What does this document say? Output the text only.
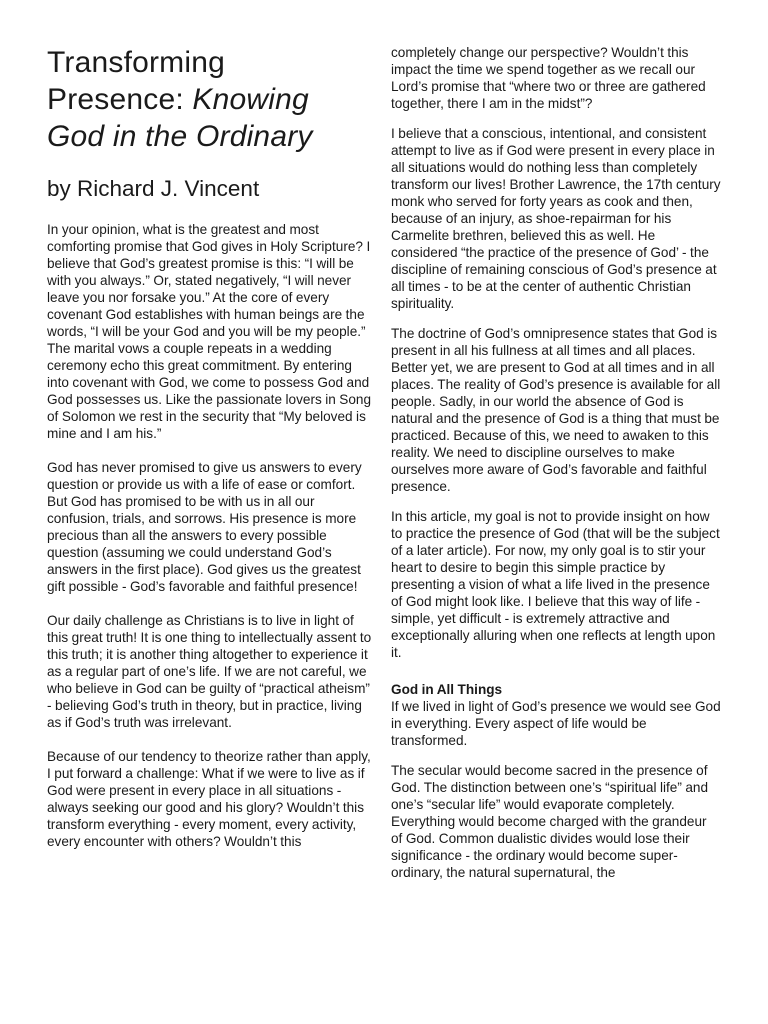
Transforming Presence: Knowing God in the Ordinary
by Richard J. Vincent

In your opinion, what is the greatest and most comforting promise that God gives in Holy Scripture? I believe that God’s greatest promise is this: “I will be with you always.” Or, stated negatively, “I will never leave you nor forsake you.” At the core of every covenant God establishes with human beings are the words, “I will be your God and you will be my people.” The marital vows a couple repeats in a wedding ceremony echo this great commitment. By entering into covenant with God, we come to possess God and God possesses us. Like the passionate lovers in Song of Solomon we rest in the security that “My beloved is mine and I am his.”

God has never promised to give us answers to every question or provide us with a life of ease or comfort. But God has promised to be with us in all our confusion, trials, and sorrows. His presence is more precious than all the answers to every possible question (assuming we could understand God’s answers in the first place). God gives us the greatest gift possible - God’s favorable and faithful presence!

Our daily challenge as Christians is to live in light of this great truth! It is one thing to intellectually assent to this truth; it is another thing altogether to experience it as a regular part of one’s life. If we are not careful, we who believe in God can be guilty of “practical atheism” - believing God’s truth in theory, but in practice, living as if God’s truth was irrelevant.

Because of our tendency to theorize rather than apply, I put forward a challenge: What if we were to live as if God were present in every place in all situations - always seeking our good and his glory? Wouldn’t this transform everything - every moment, every activity, every encounter with others? Wouldn’t this

completely change our perspective? Wouldn’t this impact the time we spend together as we recall our Lord’s promise that “where two or three are gathered together, there I am in the midst”?

I believe that a conscious, intentional, and consistent attempt to live as if God were present in every place in all situations would do nothing less than completely transform our lives! Brother Lawrence, the 17th century monk who served for forty years as cook and then, because of an injury, as shoe-repairman for his Carmelite brethren, believed this as well. He considered “the practice of the presence of God’ - the discipline of remaining conscious of God’s presence at all times - to be at the center of authentic Christian spirituality.

The doctrine of God’s omnipresence states that God is present in all his fullness at all times and all places. Better yet, we are present to God at all times and in all places. The reality of God’s presence is available for all people. Sadly, in our world the absence of God is natural and the presence of God is a thing that must be practiced. Because of this, we need to awaken to this reality. We need to discipline ourselves to make ourselves more aware of God’s favorable and faithful presence.

In this article, my goal is not to provide insight on how to practice the presence of God (that will be the subject of a later article). For now, my only goal is to stir your heart to desire to begin this simple practice by presenting a vision of what a life lived in the presence of God might look like. I believe that this way of life - simple, yet difficult - is extremely attractive and exceptionally alluring when one reflects at length upon it.

God in All Things

If we lived in light of God’s presence we would see God in everything. Every aspect of life would be transformed.

The secular would become sacred in the presence of God. The distinction between one’s “spiritual life” and one’s “secular life” would evaporate completely. Everything would become charged with the grandeur of God. Common dualistic divides would lose their significance - the ordinary would become super-ordinary, the natural supernatural, the
